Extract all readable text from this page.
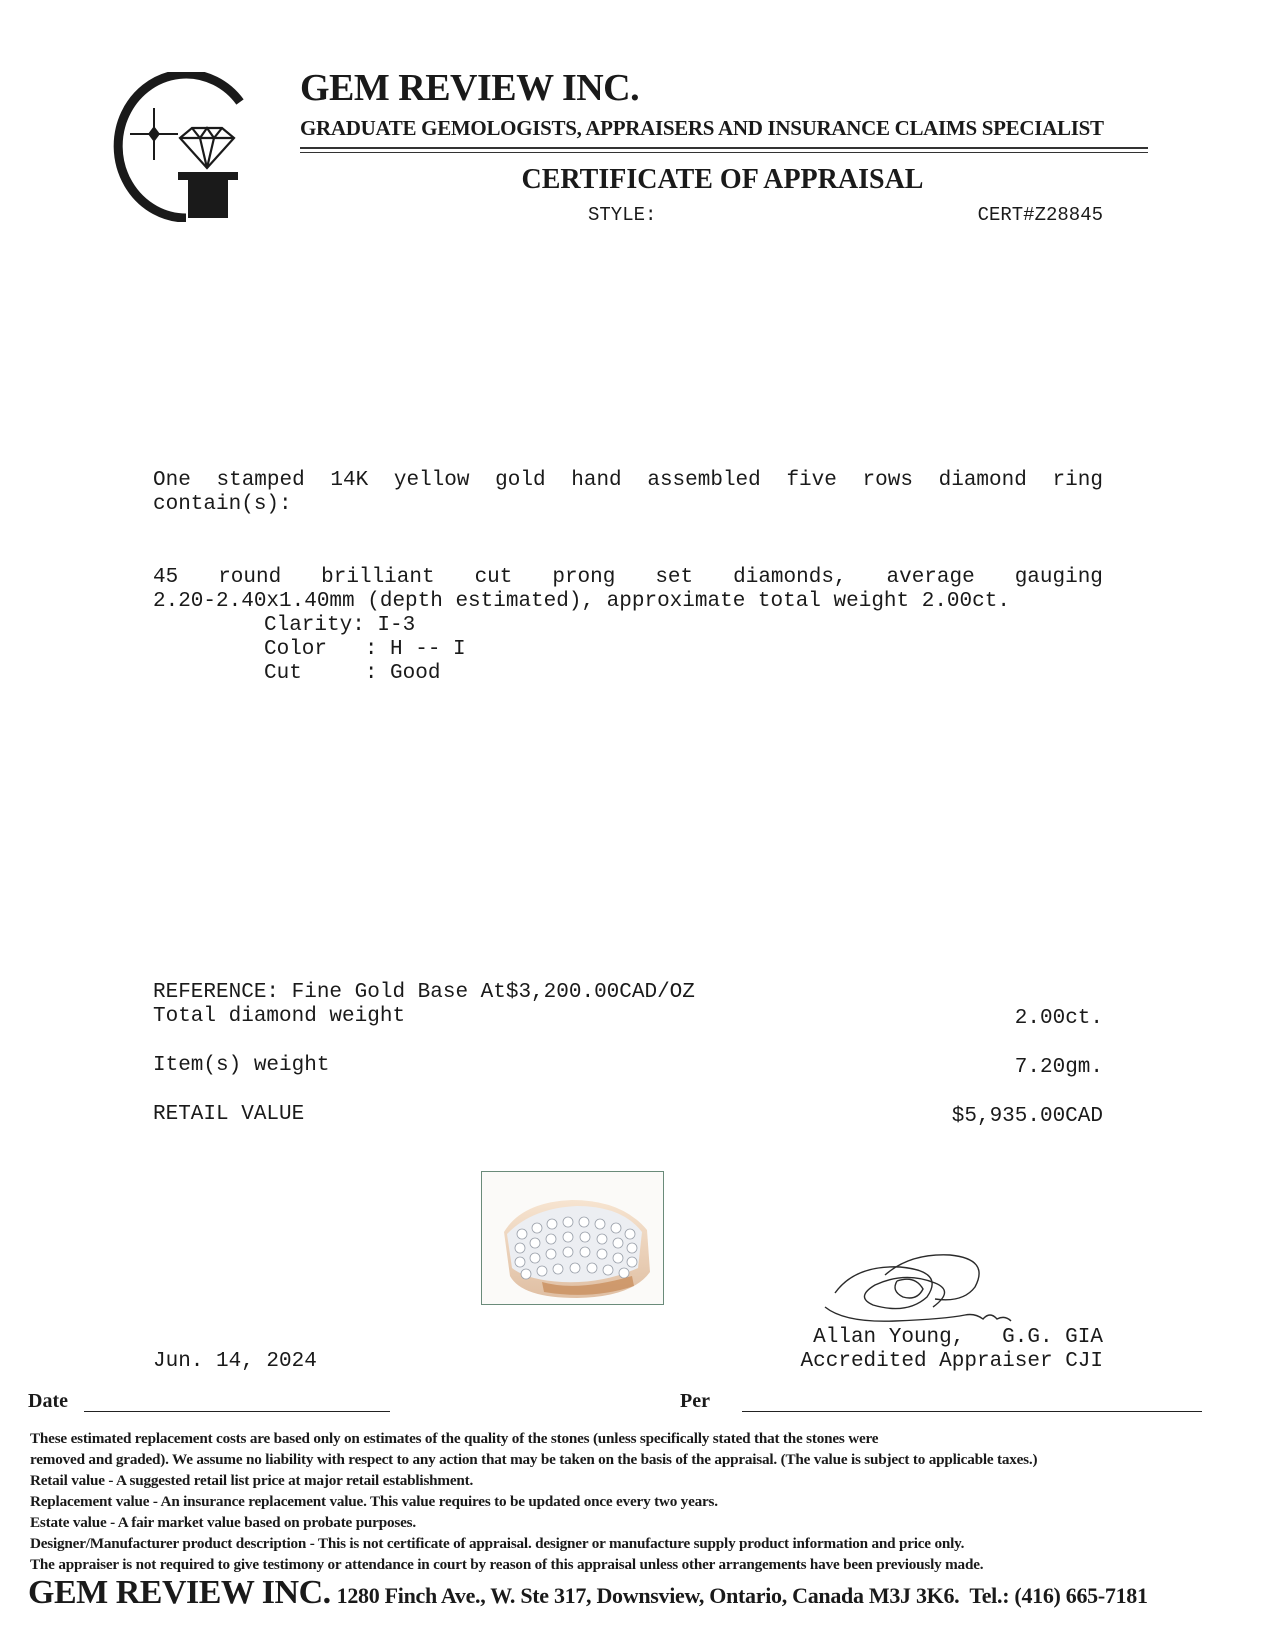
GEM REVIEW INC.
GRADUATE GEMOLOGISTS, APPRAISERS AND INSURANCE CLAIMS SPECIALIST
CERTIFICATE OF APPRAISAL
STYLE:	CERT#Z28845
One stamped 14K yellow gold hand assembled five rows diamond ring
contain(s):
45 round brilliant cut prong set diamonds, average gauging
2.20-2.40x1.40mm (depth estimated), approximate total weight 2.00ct.
Clarity: I-3
Color   : H -- I
Cut     : Good
REFERENCE: Fine Gold Base At$3,200.00CAD/OZ
Total diamond weight	2.00ct.
Item(s) weight	7.20gm.
RETAIL VALUE	$5,935.00CAD
Allan Young,   G.G. GIA
Accredited Appraiser CJI
Jun. 14, 2024
Date	Per
These estimated replacement costs are based only on estimates of the quality of the stones (unless specifically stated that the stones were
removed and graded). We assume no liability with respect to any action that may be taken on the basis of the appraisal. (The value is subject to applicable taxes.)
Retail value - A suggested retail list price at major retail establishment.
Replacement value - An insurance replacement value. This value requires to be updated once every two years.
Estate value - A fair market value based on probate purposes.
Designer/Manufacturer product description - This is not certificate of appraisal. designer or manufacture supply product information and price only.
The appraiser is not required to give testimony or attendance in court by reason of this appraisal unless other arrangements have been previously made.
GEM REVIEW INC. 1280 Finch Ave., W. Ste 317, Downsview, Ontario, Canada M3J 3K6. Tel.: (416) 665-7181
